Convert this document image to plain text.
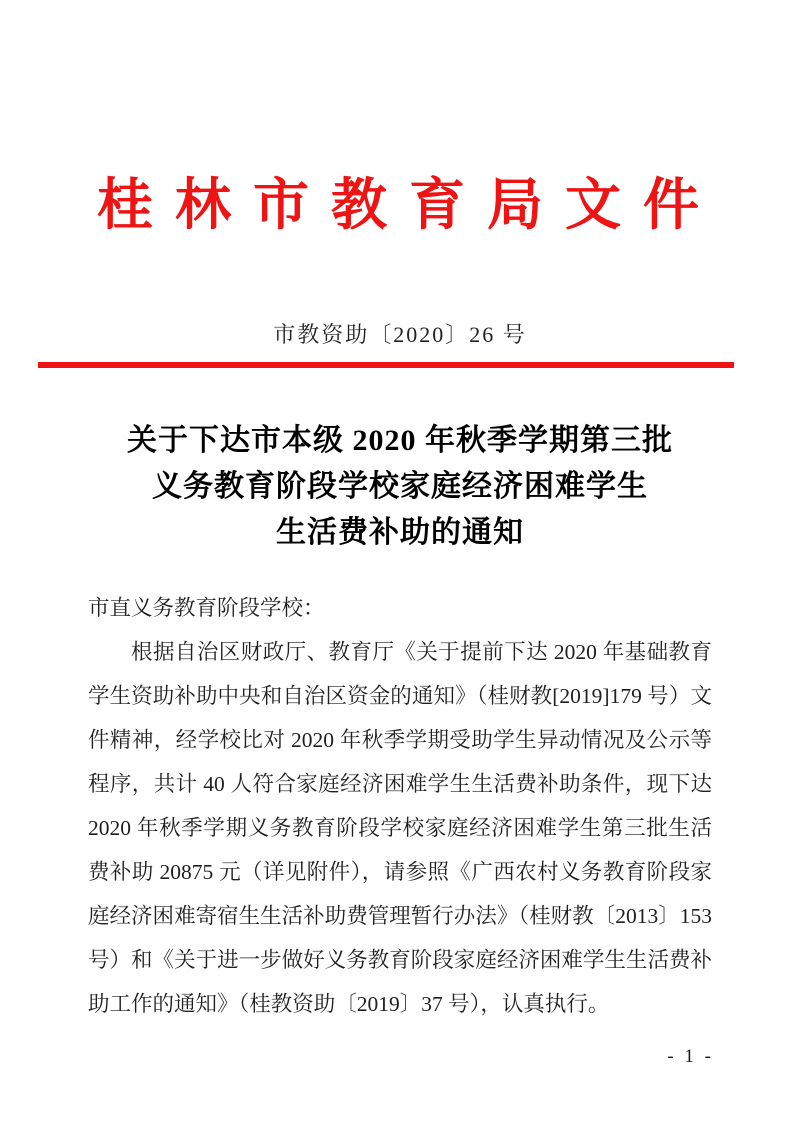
桂 林 市 教 育 局 文 件
市教资助〔2020〕26 号
关于下达市本级 2020 年秋季学期第三批
义务教育阶段学校家庭经济困难学生
生活费补助的通知

市直义务教育阶段学校：

根据自治区财政厅、教育厅《关于提前下达 2020 年基础教育学生资助补助中央和自治区资金的通知》（桂财教[2019]179 号）文件精神，经学校比对 2020 年秋季学期受助学生异动情况及公示等程序，共计 40 人符合家庭经济困难学生生活费补助条件，现下达 2020 年秋季学期义务教育阶段学校家庭经济困难学生第三批生活费补助 20875 元（详见附件），请参照《广西农村义务教育阶段家庭经济困难寄宿生生活补助费管理暂行办法》（桂财教〔2013〕153 号）和《关于进一步做好义务教育阶段家庭经济困难学生生活费补助工作的通知》（桂教资助〔2019〕37 号），认真执行。

- 1 -
